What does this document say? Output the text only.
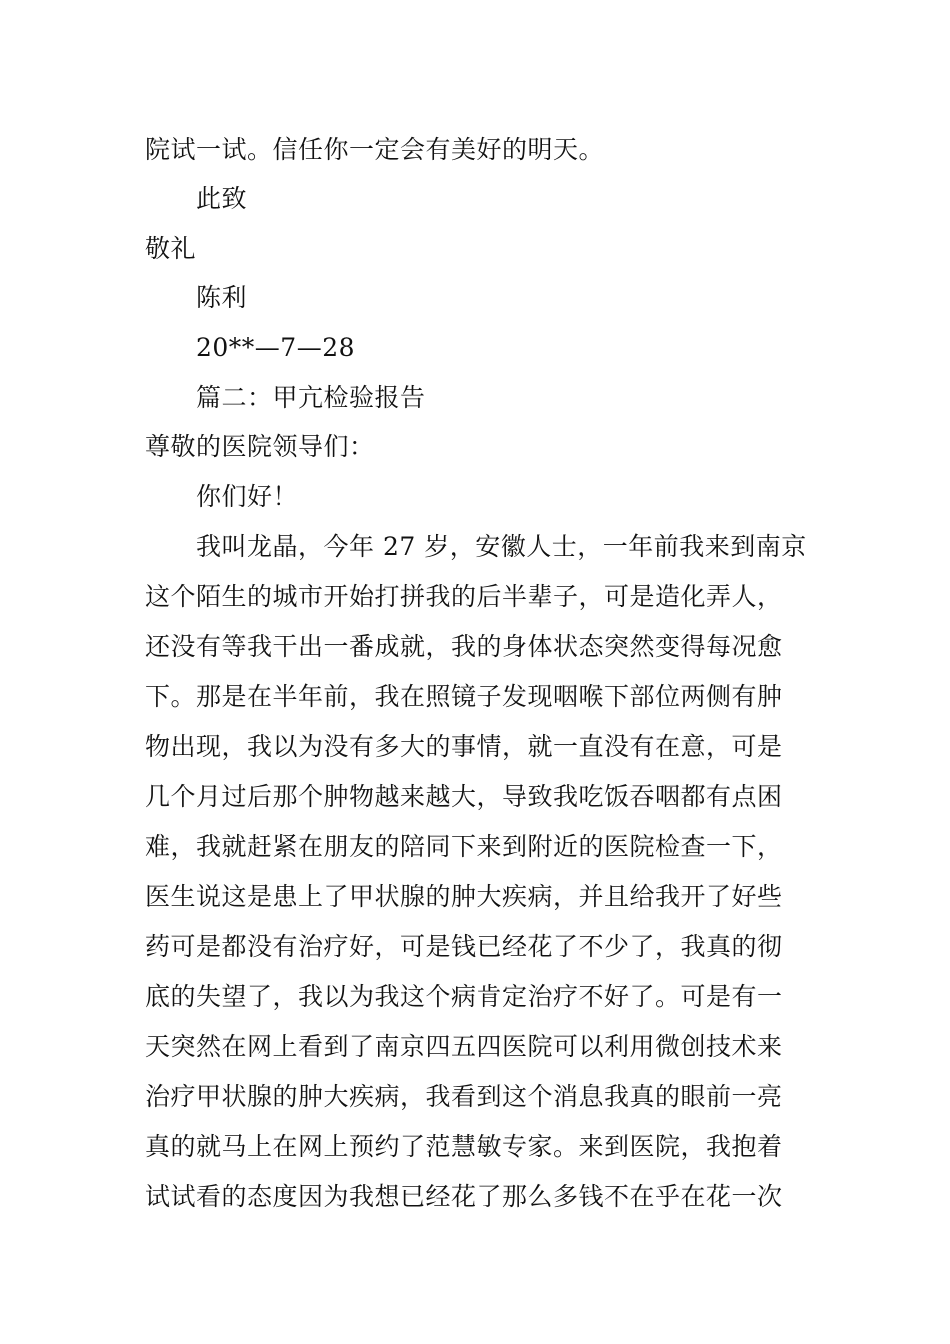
院试一试。信任你一定会有美好的明天。
此致
敬礼
陈利
20**—7—28
篇二：甲亢检验报告
尊敬的医院领导们：
你们好！
我叫龙晶，今年 27 岁，安徽人士，一年前我来到南京
这个陌生的城市开始打拼我的后半辈子，可是造化弄人，
还没有等我干出一番成就，我的身体状态突然变得每况愈
下。那是在半年前，我在照镜子发现咽喉下部位两侧有肿
物出现，我以为没有多大的事情，就一直没有在意，可是
几个月过后那个肿物越来越大，导致我吃饭吞咽都有点困
难，我就赶紧在朋友的陪同下来到附近的医院检查一下，
医生说这是患上了甲状腺的肿大疾病，并且给我开了好些
药可是都没有治疗好，可是钱已经花了不少了，我真的彻
底的失望了，我以为我这个病肯定治疗不好了。可是有一
天突然在网上看到了南京四五四医院可以利用微创技术来
治疗甲状腺的肿大疾病，我看到这个消息我真的眼前一亮
真的就马上在网上预约了范慧敏专家。来到医院，我抱着
试试看的态度因为我想已经花了那么多钱不在乎在花一次
